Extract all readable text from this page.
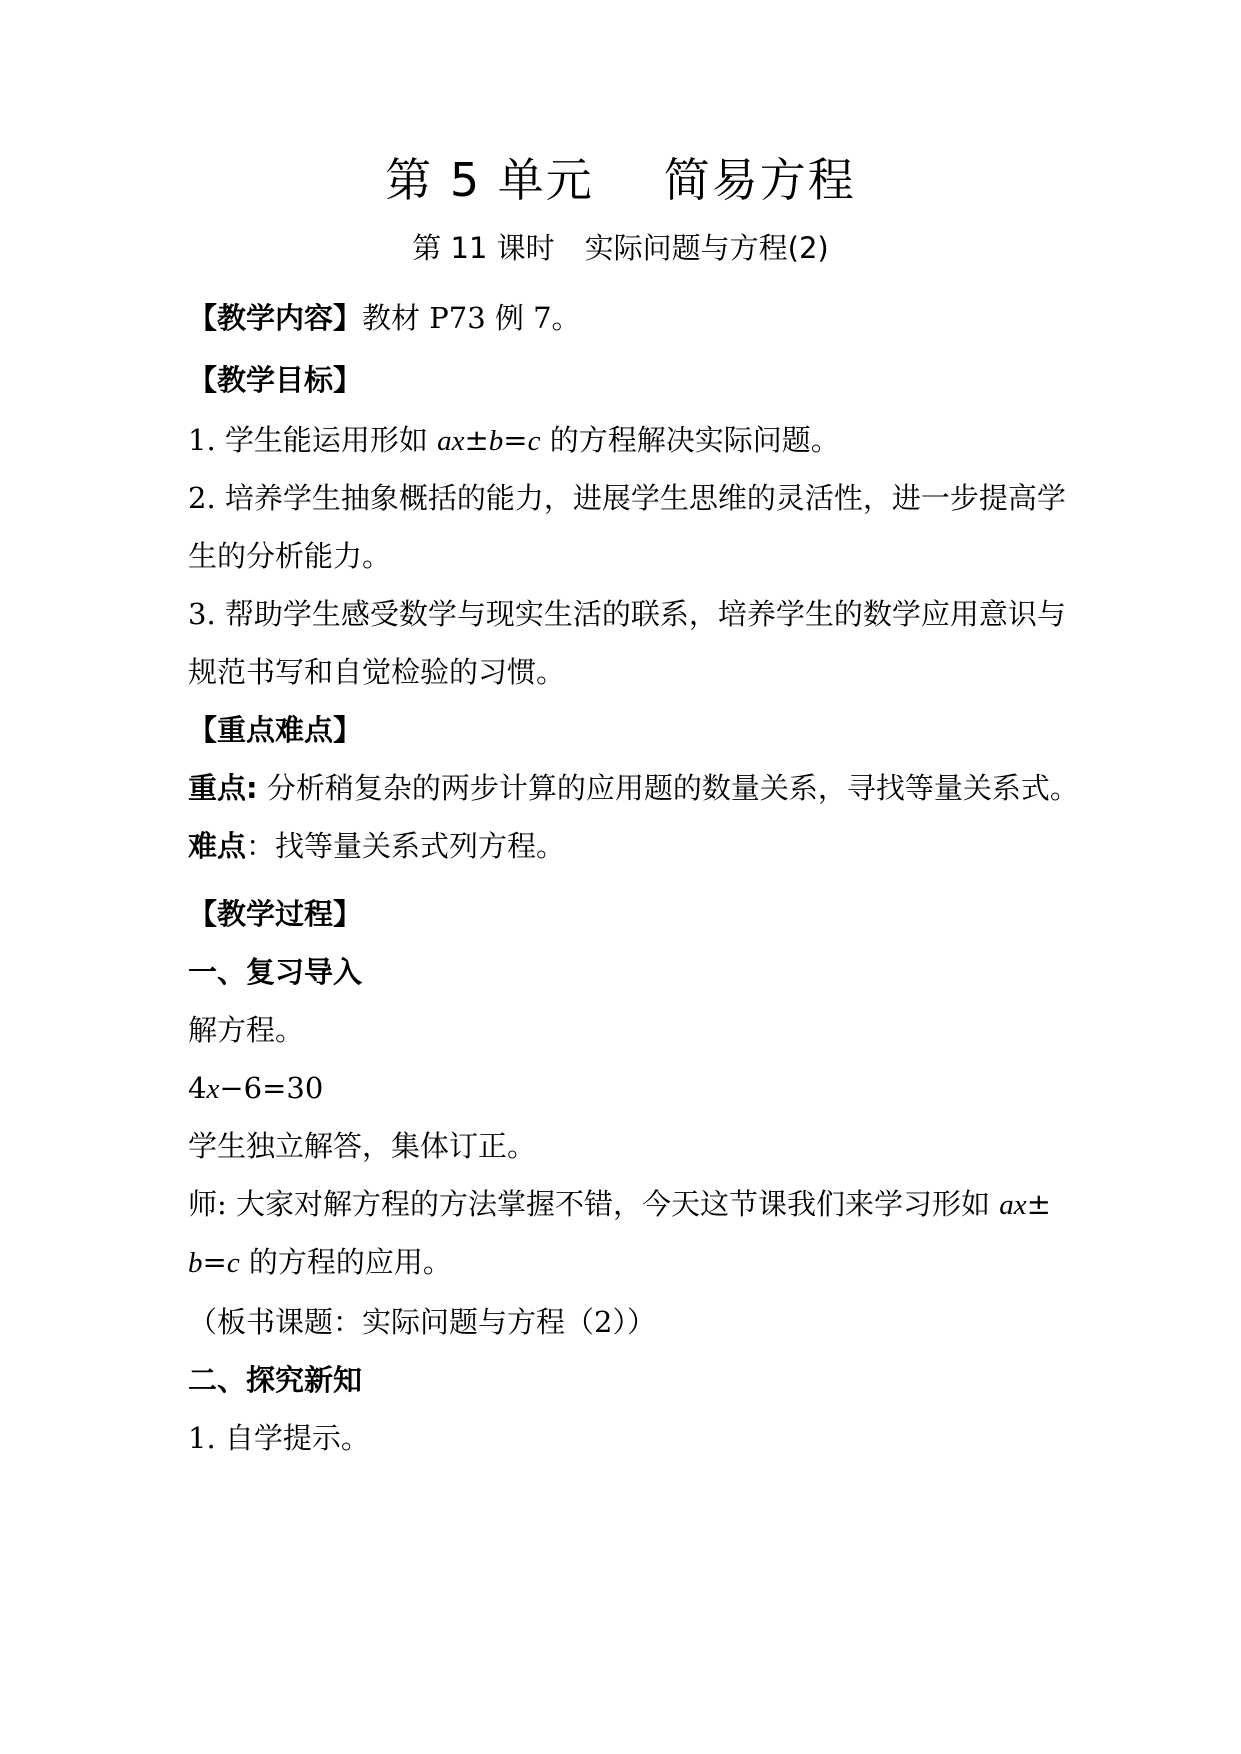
第 5 单元 简易方程
第 11 课时 实际问题与方程(2)
【教学内容】教材 P73 例 7。
【教学目标】
1. 学生能运用形如 ax±b=c 的方程解决实际问题。
2. 培养学生抽象概括的能力，进展学生思维的灵活性，进一步提高学
生的分析能力。
3. 帮助学生感受数学与现实生活的联系，培养学生的数学应用意识与
规范书写和自觉检验的习惯。
【重点难点】
重点: 分析稍复杂的两步计算的应用题的数量关系，寻找等量关系式。
难点：找等量关系式列方程。
【教学过程】
一、复习导入
解方程。
4x−6=30
学生独立解答，集体订正。
师: 大家对解方程的方法掌握不错，今天这节课我们来学习形如 ax±
b=c 的方程的应用。
（板书课题：实际问题与方程（2））
二、探究新知
1. 自学提示。
